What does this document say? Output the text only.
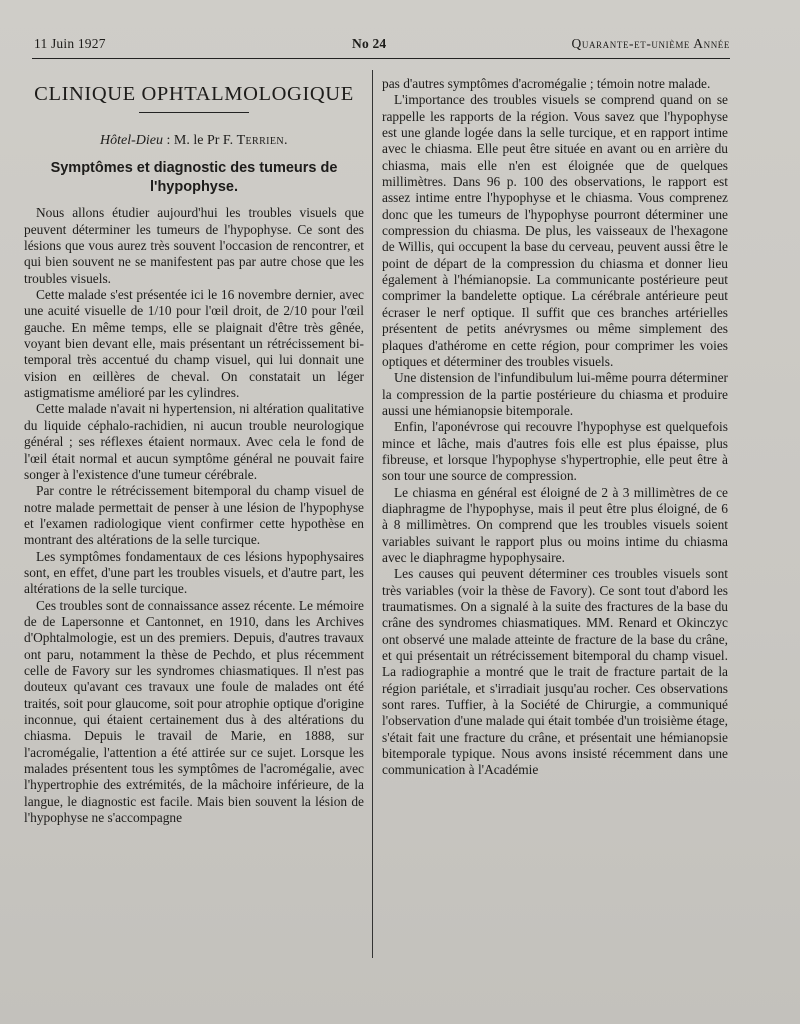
11 Juin 1927	No 24	Quarante-et-unième Année
CLINIQUE OPHTALMOLOGIQUE
Hôtel-Dieu : M. le Pr F. Terrien.
Symptômes et diagnostic des tumeurs de l'hypophyse.

Nous allons étudier aujourd'hui les troubles visuels que peuvent déterminer les tumeurs de l'hypophyse. Ce sont des lésions que vous aurez très souvent l'occasion de rencontrer, et qui bien souvent ne se manifestent pas par autre chose que les troubles visuels.

Cette malade s'est présentée ici le 16 novembre dernier, avec une acuité visuelle de 1/10 pour l'œil droit, de 2/10 pour l'œil gauche. En même temps, elle se plaignait d'être très gênée, voyant bien devant elle, mais présentant un rétrécissement bi-temporal très accentué du champ visuel, qui lui donnait une vision en œillères de cheval. On constatait un léger astigmatisme amélioré par les cylindres.

Cette malade n'avait ni hypertension, ni altération qualitative du liquide céphalo-rachidien, ni aucun trouble neurologique général ; ses réflexes étaient normaux. Avec cela le fond de l'œil était normal et aucun symptôme général ne pouvait faire songer à l'existence d'une tumeur cérébrale.

Par contre le rétrécissement bitemporal du champ visuel de notre malade permettait de penser à une lésion de l'hypophyse et l'examen radiologique vient confirmer cette hypothèse en montrant des altérations de la selle turcique.

Les symptômes fondamentaux de ces lésions hypophysaires sont, en effet, d'une part les troubles visuels, et d'autre part, les altérations de la selle turcique.

Ces troubles sont de connaissance assez récente. Le mémoire de de Lapersonne et Cantonnet, en 1910, dans les Archives d'Ophtalmologie, est un des premiers. Depuis, d'autres travaux ont paru, notamment la thèse de Pechdo, et plus récemment celle de Favory sur les syndromes chiasmatiques. Il n'est pas douteux qu'avant ces travaux une foule de malades ont été traités, soit pour glaucome, soit pour atrophie optique d'origine inconnue, qui étaient certainement dus à des altérations du chiasma. Depuis le travail de Marie, en 1888, sur l'acromégalie, l'attention a été attirée sur ce sujet. Lorsque les malades présentent tous les symptômes de l'acromégalie, avec l'hypertrophie des extrémités, de la mâchoire inférieure, de la langue, le diagnostic est facile. Mais bien souvent la lésion de l'hypophyse ne s'accompagne

pas d'autres symptômes d'acromégalie ; témoin notre malade.

L'importance des troubles visuels se comprend quand on se rappelle les rapports de la région. Vous savez que l'hypophyse est une glande logée dans la selle turcique, et en rapport intime avec le chiasma. Elle peut être située en avant ou en arrière du chiasma, mais elle n'en est éloignée que de quelques millimètres. Dans 96 p. 100 des observations, le rapport est assez intime entre l'hypophyse et le chiasma. Vous comprenez donc que les tumeurs de l'hypophyse pourront déterminer une compression du chiasma. De plus, les vaisseaux de l'hexagone de Willis, qui occupent la base du cerveau, peuvent aussi être le point de départ de la compression du chiasma et donner lieu également à l'hémianopsie. La communicante postérieure peut comprimer la bandelette optique. La cérébrale antérieure peut écraser le nerf optique. Il suffit que ces branches artérielles présentent de petits anévrysmes ou même simplement des plaques d'athérome en cette région, pour comprimer les voies optiques et déterminer des troubles visuels.

Une distension de l'infundibulum lui-même pourra déterminer la compression de la partie postérieure du chiasma et produire aussi une hémianopsie bitemporale.

Enfin, l'aponévrose qui recouvre l'hypophyse est quelquefois mince et lâche, mais d'autres fois elle est plus épaisse, plus fibreuse, et lorsque l'hypophyse s'hypertrophie, elle peut être à son tour une source de compression.

Le chiasma en général est éloigné de 2 à 3 millimètres de ce diaphragme de l'hypophyse, mais il peut être plus éloigné, de 6 à 8 millimètres. On comprend que les troubles visuels soient variables suivant le rapport plus ou moins intime du chiasma avec le diaphragme hypophysaire.

Les causes qui peuvent déterminer ces troubles visuels sont très variables (voir la thèse de Favory). Ce sont tout d'abord les traumatismes. On a signalé à la suite des fractures de la base du crâne des syndromes chiasmatiques. MM. Renard et Okinczyc ont observé une malade atteinte de fracture de la base du crâne, et qui présentait un rétrécissement bitemporal du champ visuel. La radiographie a montré que le trait de fracture partait de la région pariétale, et s'irradiait jusqu'au rocher. Ces observations sont rares. Tuffier, à la Société de Chirurgie, a communiqué l'observation d'une malade qui était tombée d'un troisième étage, s'était fait une fracture du crâne, et présentait une hémianopsie bitemporale typique. Nous avons insisté récemment dans une communication à l'Académie
